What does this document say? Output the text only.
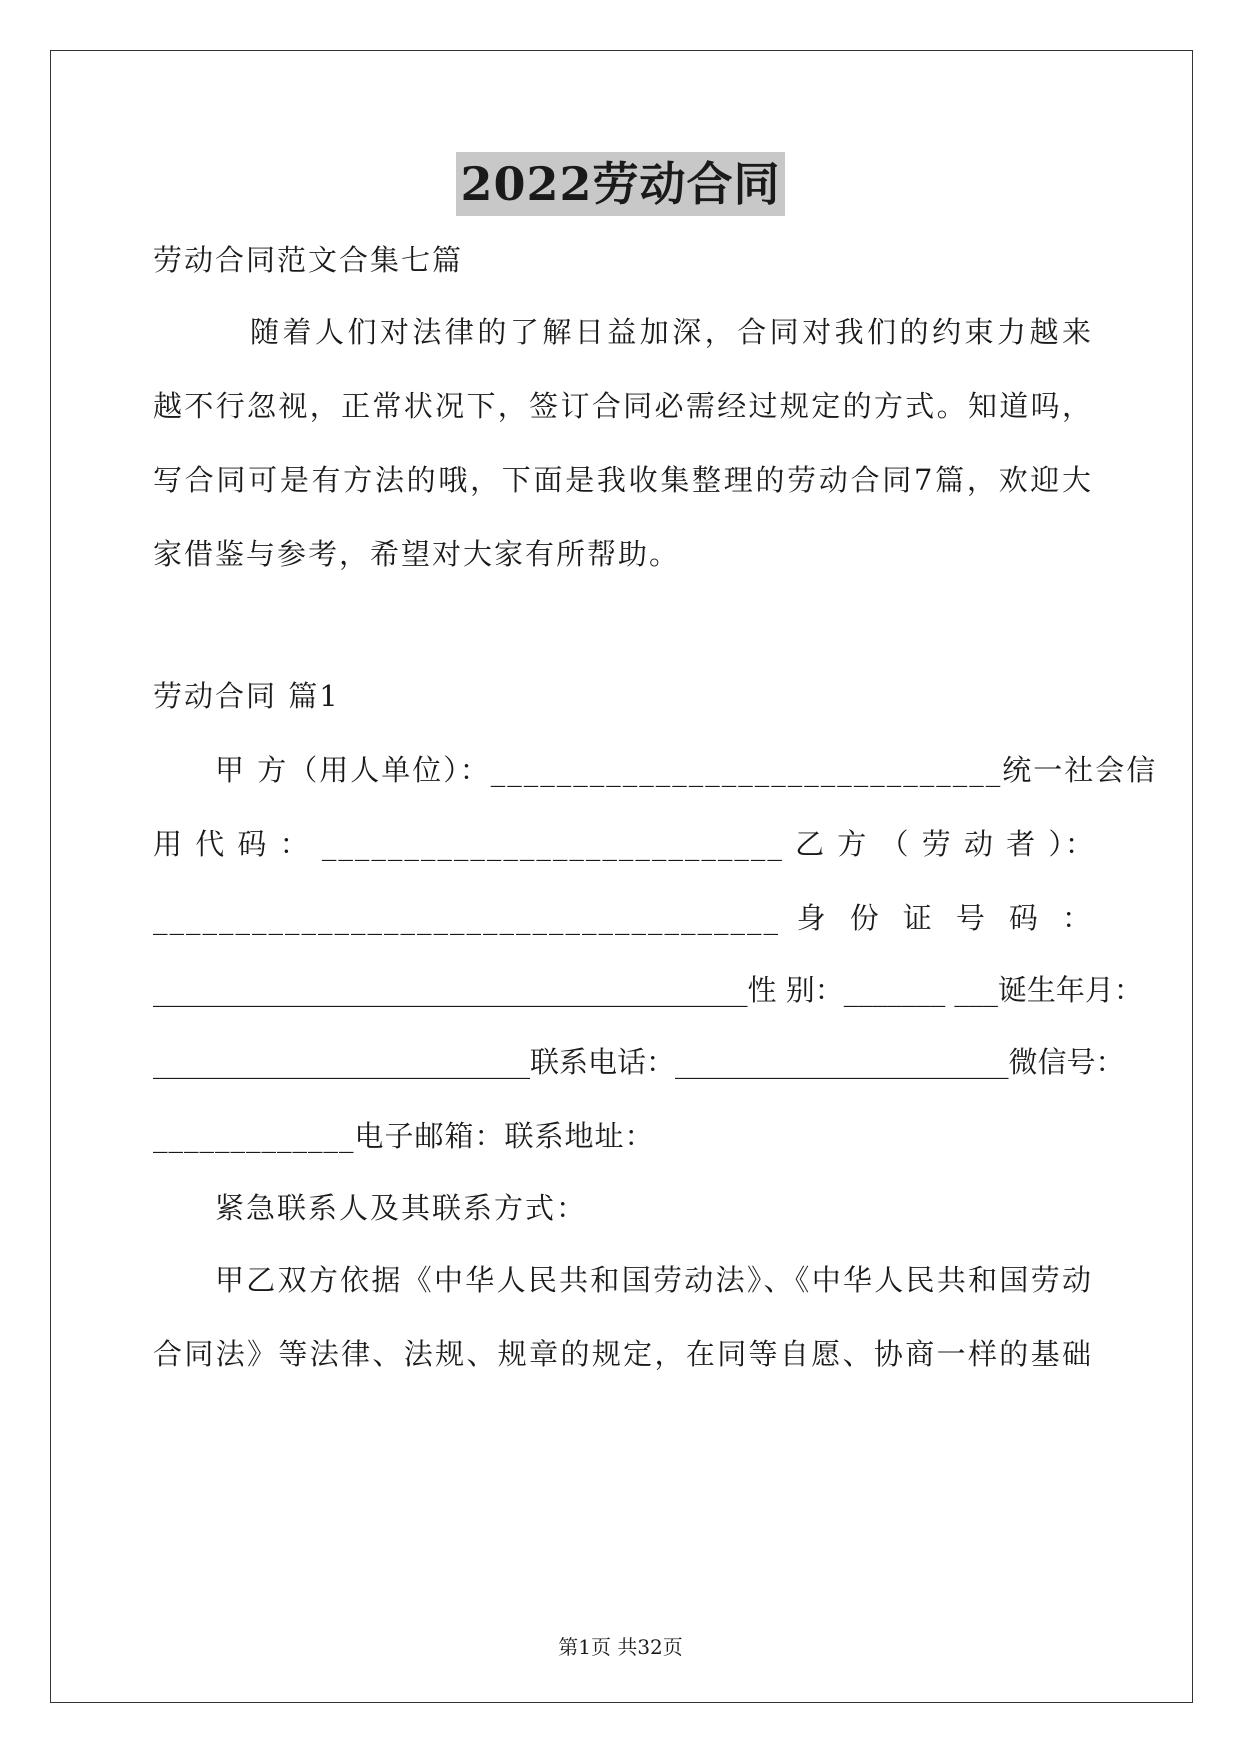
2022劳动合同
劳动合同范文合集七篇
随着人们对法律的了解日益加深，合同对我们的约束力越来
越不行忽视，正常状况下，签订合同必需经过规定的方式。知道吗，
写合同可是有方法的哦，下面是我收集整理的劳动合同7篇，欢迎大
家借鉴与参考，希望对大家有所帮助。
劳动合同 篇1
甲 方（用人单位）：_______________________________统一社会信
用 代 码 ： ____________________________ 乙 方 （ 劳 动 者 ）：
______________________________________ 身 份 证 号 码 ：
_________________________________________性 别：_______ ___诞生年月：
__________________________联系电话：_______________________微信号：
_____________电子邮箱：联系地址：
紧急联系人及其联系方式：
甲乙双方依据《中华人民共和国劳动法》、《中华人民共和国劳动
合同法》等法律、法规、规章的规定，在同等自愿、协商一样的基础
第1页 共32页
